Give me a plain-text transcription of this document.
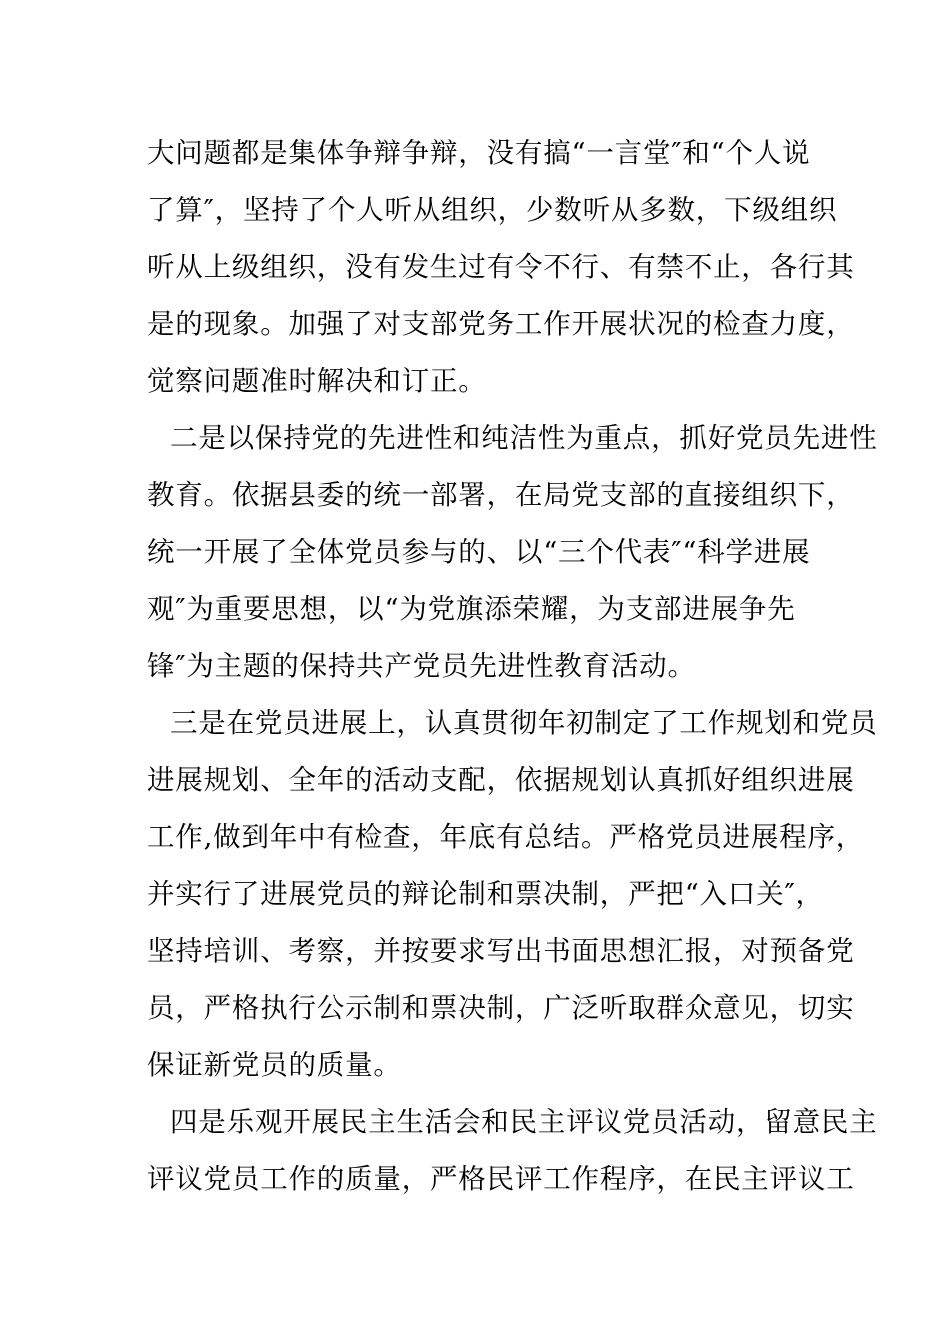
大问题都是集体争辩争辩，没有搞“一言堂″和“个人说
了算″，坚持了个人听从组织，少数听从多数，下级组织
听从上级组织，没有发生过有令不行、有禁不止，各行其
是的现象。加强了对支部党务工作开展状况的检查力度，
觉察问题准时解决和订正。
二是以保持党的先进性和纯洁性为重点，抓好党员先进性
教育。依据县委的统一部署，在局党支部的直接组织下，
统一开展了全体党员参与的、以“三个代表″“科学进展
观″为重要思想，以“为党旗添荣耀，为支部进展争先
锋″为主题的保持共产党员先进性教育活动。
三是在党员进展上，认真贯彻年初制定了工作规划和党员
进展规划、全年的活动支配，依据规划认真抓好组织进展
工作,做到年中有检查，年底有总结。严格党员进展程序，
并实行了进展党员的辩论制和票决制，严把“入口关″，
坚持培训、考察，并按要求写出书面思想汇报，对预备党
员，严格执行公示制和票决制，广泛听取群众意见，切实
保证新党员的质量。
四是乐观开展民主生活会和民主评议党员活动，留意民主
评议党员工作的质量，严格民评工作程序，在民主评议工
